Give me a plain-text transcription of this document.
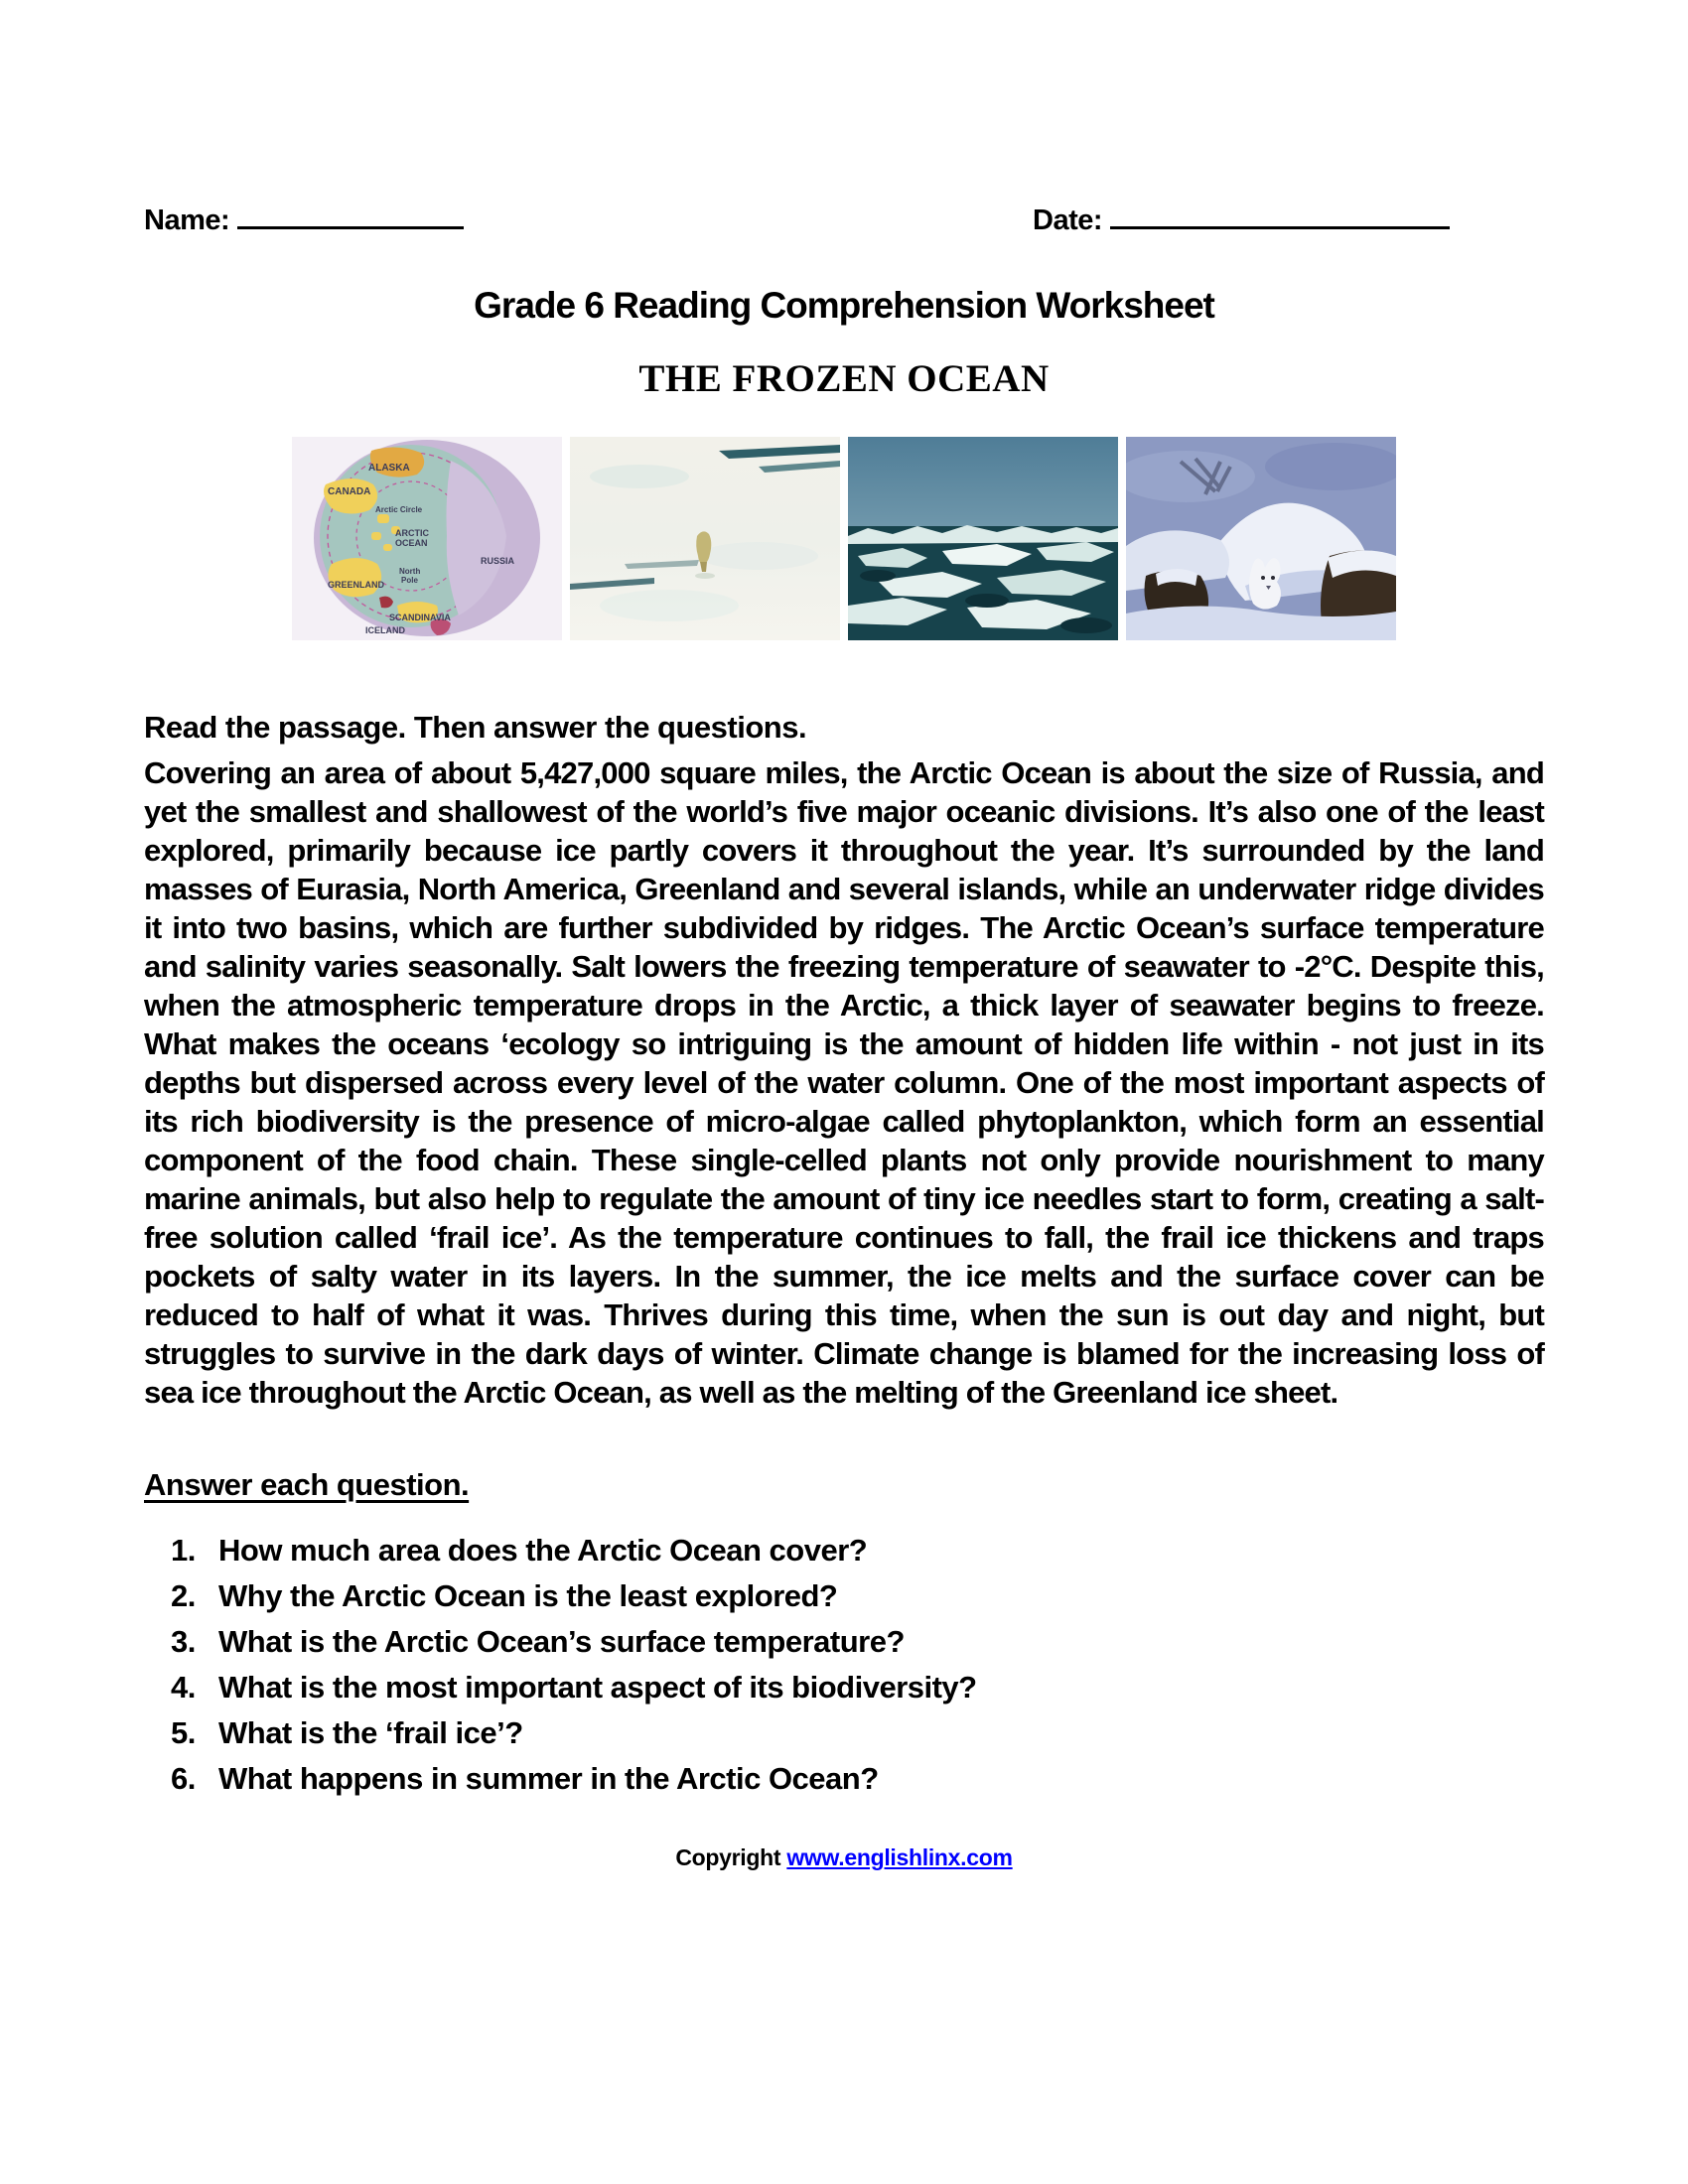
Name:	Date:
Grade 6 Reading Comprehension Worksheet
THE FROZEN OCEAN
ALASKA
CANADA
Arctic Circle
ARCTIC
OCEAN
RUSSIA
North
Pole
GREENLAND
SCANDINAVIA
ICELAND
Read the passage. Then answer the questions.
Covering an area of about 5,427,000 square miles, the Arctic Ocean is about the size of Russia, and yet the smallest and shallowest of the world’s five major oceanic divisions. It’s also one of the least explored, primarily because ice partly covers it throughout the year. It’s surrounded by the land masses of Eurasia, North America, Greenland and several islands, while an underwater ridge divides it into two basins, which are further subdivided by ridges. The Arctic Ocean’s surface temperature and salinity varies seasonally. Salt lowers the freezing temperature of seawater to -2°C. Despite this, when the atmospheric temperature drops in the Arctic, a thick layer of seawater begins to freeze. What makes the oceans ‘ecology so intriguing is the amount of hidden life within - not just in its depths but dispersed across every level of the water column. One of the most important aspects of its rich biodiversity is the presence of micro-algae called phytoplankton, which form an essential component of the food chain. These single-celled plants not only provide nourishment to many marine animals, but also help to regulate the amount of tiny ice needles start to form, creating a salt-free solution called ‘frail ice’. As the temperature continues to fall, the frail ice thickens and traps pockets of salty water in its layers. In the summer, the ice melts and the surface cover can be reduced to half of what it was. Thrives during this time, when the sun is out day and night, but struggles to survive in the dark days of winter. Climate change is blamed for the increasing loss of sea ice throughout the Arctic Ocean, as well as the melting of the Greenland ice sheet.
Answer each question.
How much area does the Arctic Ocean cover?
Why the Arctic Ocean is the least explored?
What is the Arctic Ocean’s surface temperature?
What is the most important aspect of its biodiversity?
What is the ‘frail ice’?
What happens in summer in the Arctic Ocean?
Copyright www.englishlinx.com
